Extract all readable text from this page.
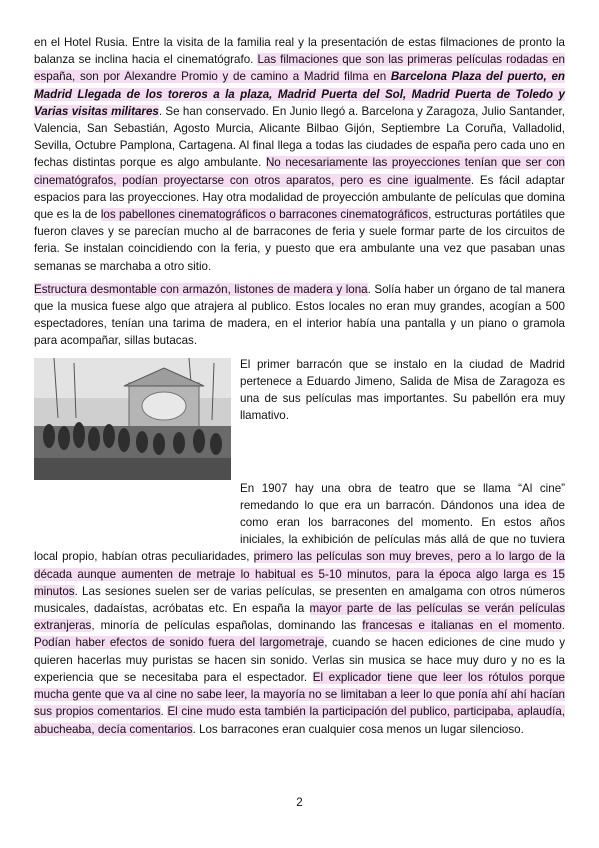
en el Hotel Rusia. Entre la visita de la familia real y la presentación de estas filmaciones de pronto la balanza se inclina hacia el cinematógrafo. Las filmaciones que son las primeras películas rodadas en españa, son por Alexandre Promio y de camino a Madrid filma en Barcelona Plaza del puerto, en Madrid Llegada de los toreros a la plaza, Madrid Puerta del Sol, Madrid Puerta de Toledo y Varias visitas militares. Se han conservado. En Junio llegó a. Barcelona y Zaragoza, Julio Santander, Valencia, San Sebastián, Agosto Murcia, Alicante Bilbao Gijón, Septiembre La Coruña, Valladolid, Sevilla, Octubre Pamplona, Cartagena. Al final llega a todas las ciudades de españa pero cada uno en fechas distintas porque es algo ambulante. No necesariamente las proyecciones tenían que ser con cinematógrafos, podían proyectarse con otros aparatos, pero es cine igualmente. Es fácil adaptar espacios para las proyecciones. Hay otra modalidad de proyección ambulante de películas que domina que es la de los pabellones cinematográficos o barracones cinematográficos, estructuras portátiles que fueron claves y se parecían mucho al de barracones de feria y suele formar parte de los circuitos de feria. Se instalan coincidiendo con la feria, y puesto que era ambulante una vez que pasaban unas semanas se marchaba a otro sitio.

Estructura desmontable con armazón, listones de madera y lona. Solía haber un órgano de tal manera que la musica fuese algo que atrajera al publico. Estos locales no eran muy grandes, acogían a 500 espectadores, tenían una tarima de madera, en el interior había una pantalla y un piano o gramola para acompañar, sillas butacas.

El primer barracón que se instalo en la ciudad de Madrid pertenece a Eduardo Jimeno, Salida de Misa de Zaragoza es una de sus películas mas importantes. Su pabellón era muy llamativo.

En 1907 hay una obra de teatro que se llama “Al cine” remedando lo que era un barracón. Dándonos una idea de como eran los barracones del momento. En estos años iniciales, la exhibición de películas más allá de que no tuviera local propio, habían otras peculiaridades, primero las películas son muy breves, pero a lo largo de la década aunque aumenten de metraje lo habitual es 5-10 minutos, para la época algo larga es 15 minutos. Las sesiones suelen ser de varias películas, se presenten en amalgama con otros números musicales, dadaístas, acróbatas etc. En españa la mayor parte de las películas se verán películas extranjeras, minoría de películas españolas, dominando las francesas e italianas en el momento. Podían haber efectos de sonido fuera del largometraje, cuando se hacen ediciones de cine mudo y quieren hacerlas muy puristas se hacen sin sonido. Verlas sin musica se hace muy duro y no es la experiencia que se necesitaba para el espectador. El explicador tiene que leer los rótulos porque mucha gente que va al cine no sabe leer, la mayoría no se limitaban a leer lo que ponía ahí ahí hacían sus propios comentarios. El cine mudo esta también la participación del publico, participaba, aplaudía, abucheaba, decía comentarios. Los barracones eran cualquier cosa menos un lugar silencioso.

2
